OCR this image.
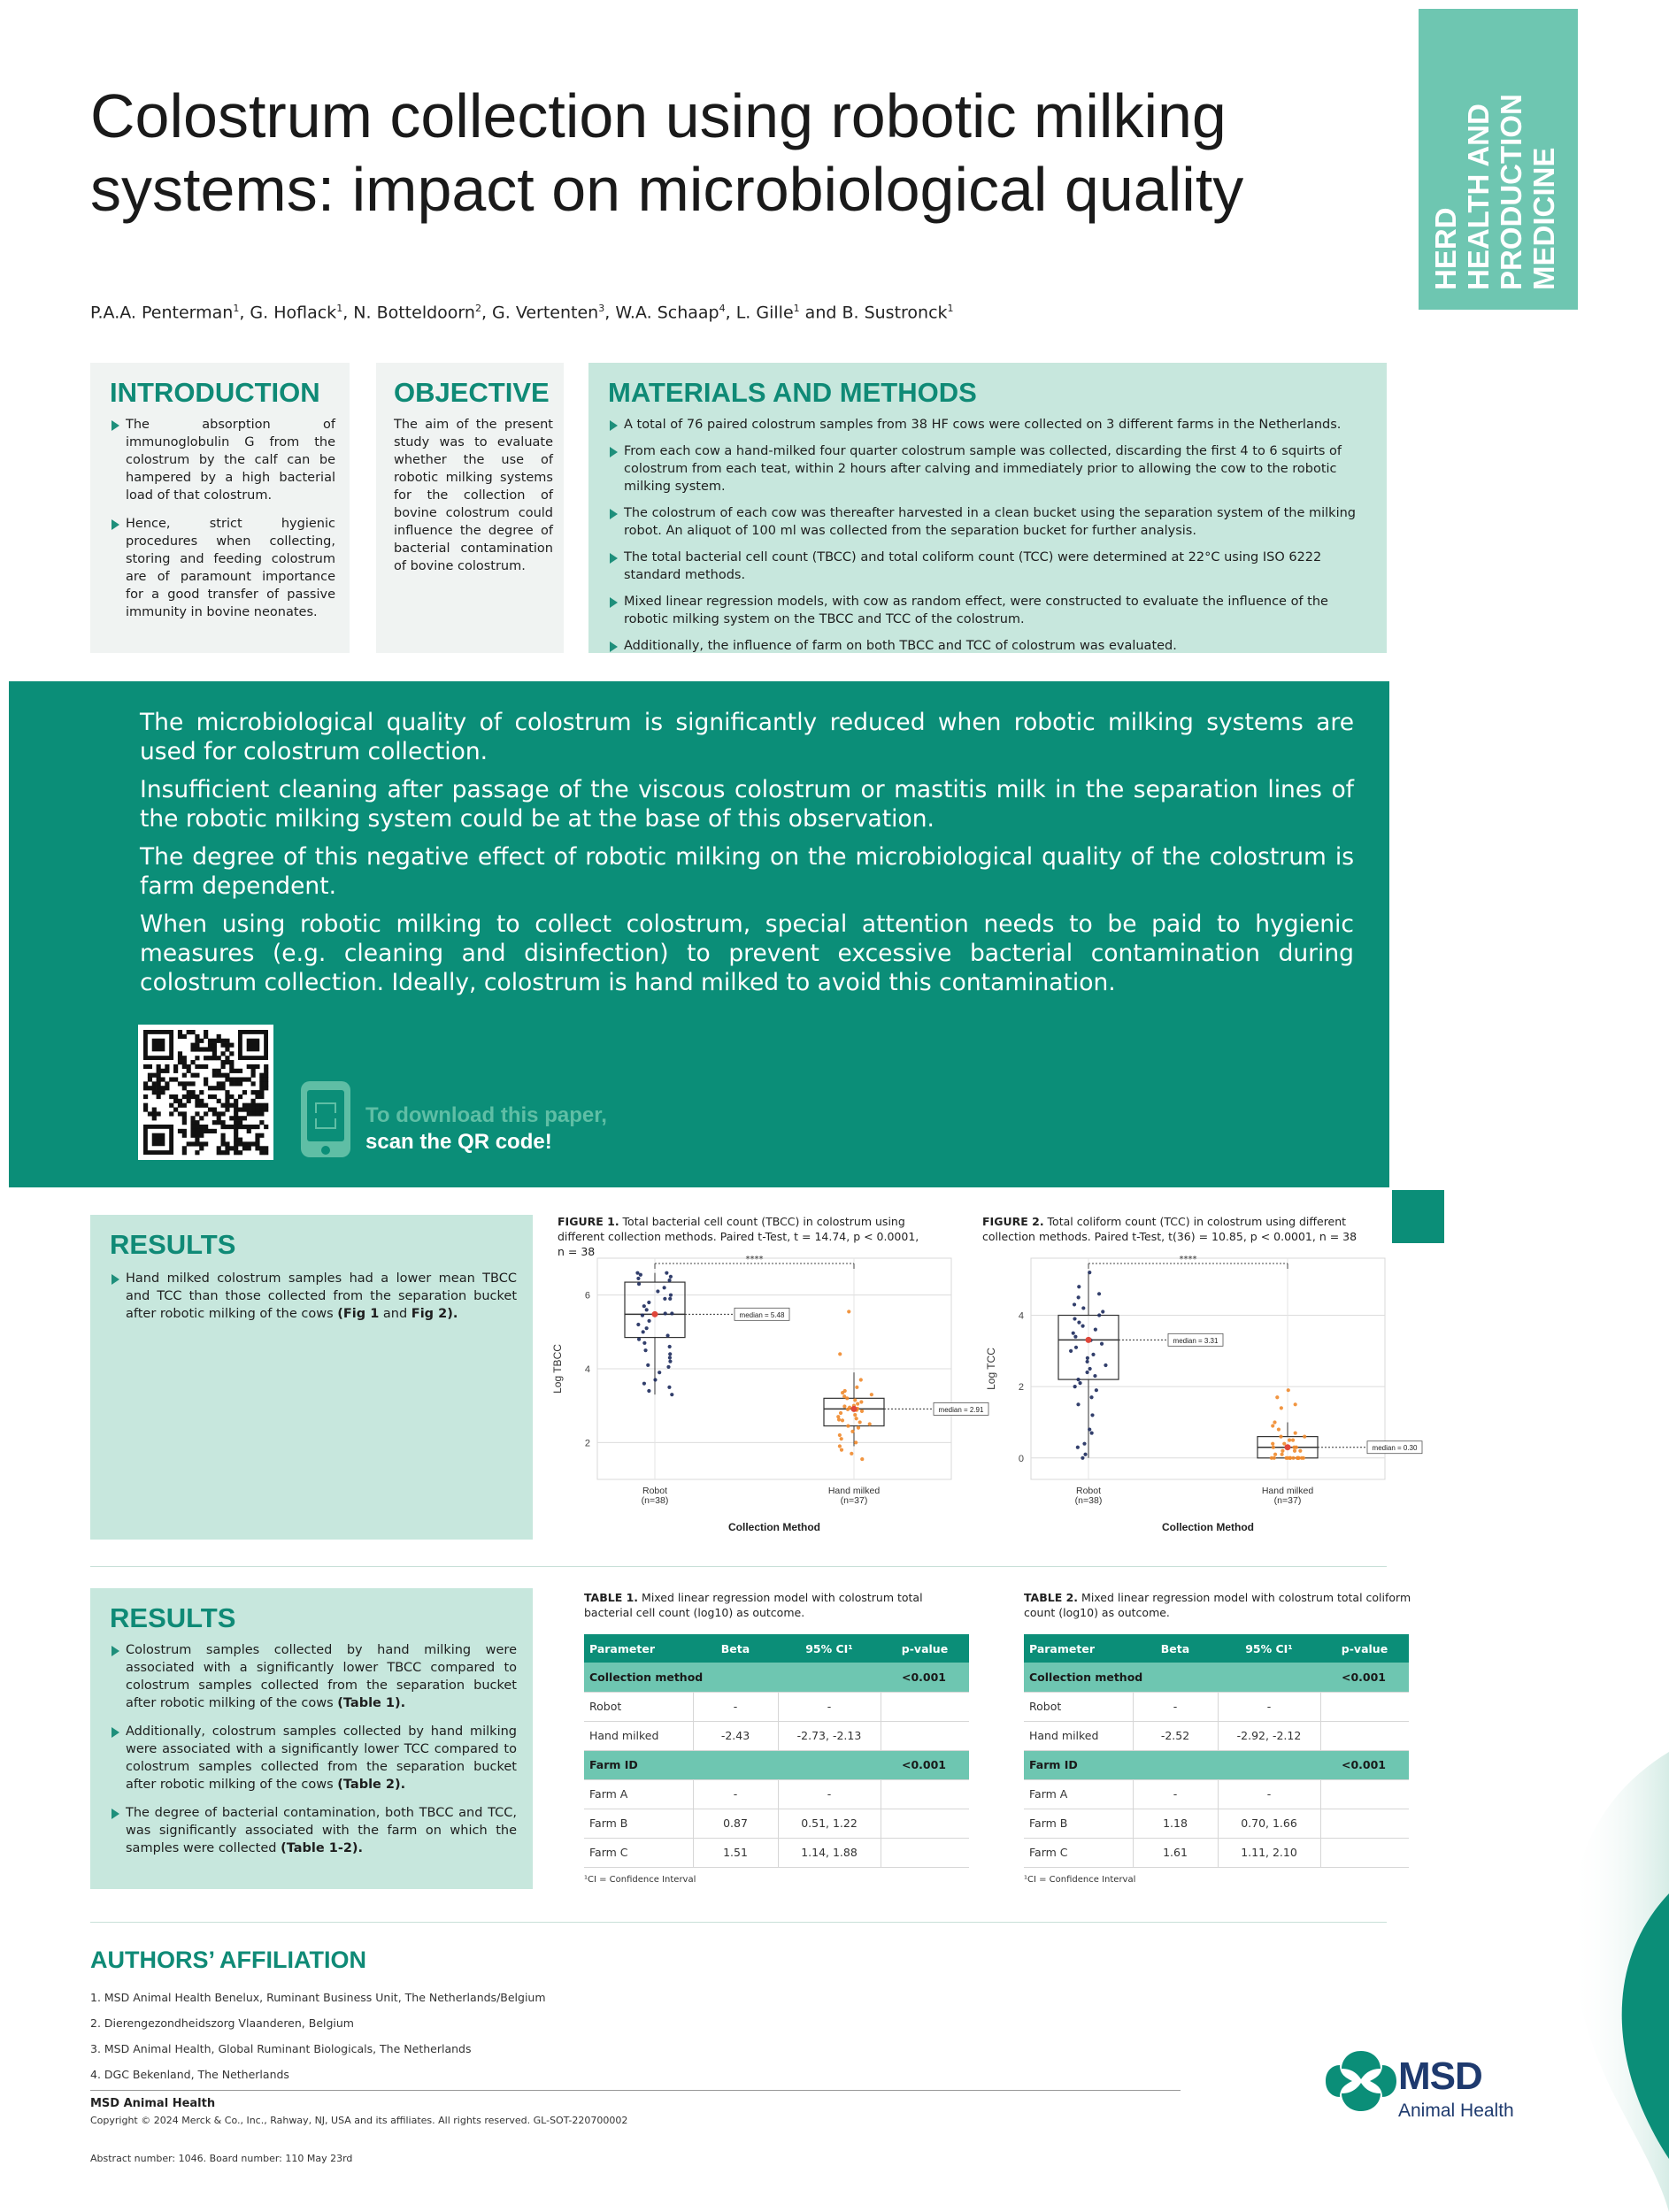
Colostrum collection using robotic milking
systems: impact on microbiological quality
P.A.A. Penterman$^1$, G. Hoflack$^1$, N. Botteldoorn$^2$, G. Vertenten$^3$, W.A. Schaap$^4$, L. Gille$^1$ and B. Sustronck$^1$
HERD HEALTH AND PRODUCTION MEDICINE
INTRODUCTION
The absorption of immunoglobulin G from the colostrum by the calf can be hampered by a high bacterial load of that colostrum.
Hence, strict hygienic procedures when collecting, storing and feeding colostrum are of paramount importance for a good transfer of passive immunity in bovine neonates.
OBJECTIVE
The aim of the present study was to evaluate whether the use of robotic milking systems for the collection of bovine colostrum could influence the degree of bacterial contamination of bovine colostrum.
MATERIALS AND METHODS
A total of 76 paired colostrum samples from 38 HF cows were collected on 3 different farms in the Netherlands.
From each cow a hand-milked four quarter colostrum sample was collected, discarding the first 4 to 6 squirts of colostrum from each teat, within 2 hours after calving and immediately prior to allowing the cow to the robotic milking system.
The colostrum of each cow was thereafter harvested in a clean bucket using the separation system of the milking robot. An aliquot of 100 ml was collected from the separation bucket for further analysis.
The total bacterial cell count (TBCC) and total coliform count (TCC) were determined at 22°C using ISO 6222 standard methods.
Mixed linear regression models, with cow as random effect, were constructed to evaluate the influence of the robotic milking system on the TBCC and TCC of the colostrum.
Additionally, the influence of farm on both TBCC and TCC of colostrum was evaluated.

The microbiological quality of colostrum is significantly reduced when robotic milking systems are used for colostrum collection.

Insufficient cleaning after passage of the viscous colostrum or mastitis milk in the separation lines of the robotic milking system could be at the base of this observation.

The degree of this negative effect of robotic milking on the microbiological quality of the colostrum is farm dependent.

When using robotic milking to collect colostrum, special attention needs to be paid to hygienic measures (e.g. cleaning and disinfection) to prevent excessive bacterial contamination during colostrum collection. Ideally, colostrum is hand milked to avoid this contamination.

To download this paper,
scan the QR code!
RESULTS
Hand milked colostrum samples had a lower mean TBCC and TCC than those collected from the separation bucket after robotic milking of the cows (Fig 1 and Fig 2).
FIGURE 1. Total bacterial cell count (TBCC) in colostrum using different collection methods. Paired t-Test, t = 14.74, p < 0.0001, n = 38
2
4
6
Log TBCC
Collection Method
Robot
(n=38)
Hand milked
(n=37)
****
median = 5.48
median = 2.91
FIGURE 2. Total coliform count (TCC) in colostrum using different collection methods. Paired t-Test, t(36) = 10.85, p < 0.0001, n = 38
0
2
4
Log TCC
Collection Method
Robot
(n=38)
Hand milked
(n=37)
****
median = 3.31
median = 0.30
RESULTS
Colostrum samples collected by hand milking were associated with a significantly lower TBCC compared to colostrum samples collected from the separation bucket after robotic milking of the cows (Table 1).
Additionally, colostrum samples collected by hand milking were associated with a significantly lower TCC compared to colostrum samples collected from the separation bucket after robotic milking of the cows (Table 2).
The degree of bacterial contamination, both TBCC and TCC, was significantly associated with the farm on which the samples were collected (Table 1-2).
TABLE 1. Mixed linear regression model with colostrum total bacterial cell count (log10) as outcome.
Parameter	Beta	95% CI¹	p-value
Collection method			<0.001
Robot	-	-	
Hand milked	-2.43	-2.73, -2.13	
Farm ID			<0.001
Farm A	-	-	
Farm B	0.87	0.51, 1.22	
Farm C	1.51	1.14, 1.88	
¹CI = Confidence Interval
TABLE 2. Mixed linear regression model with colostrum total coliform count (log10) as outcome.
Parameter	Beta	95% CI¹	p-value
Collection method			<0.001
Robot	-	-	
Hand milked	-2.52	-2.92, -2.12	
Farm ID			<0.001
Farm A	-	-	
Farm B	1.18	0.70, 1.66	
Farm C	1.61	1.11, 2.10	
¹CI = Confidence Interval
AUTHORS’ AFFILIATION
1. MSD Animal Health Benelux, Ruminant Business Unit, The Netherlands/Belgium
2. Dierengezondheidszorg Vlaanderen, Belgium
3. MSD Animal Health, Global Ruminant Biologicals, The Netherlands
4. DGC Bekenland, The Netherlands	MSD
Animal Health
MSD Animal Health
Copyright © 2024 Merck & Co., Inc., Rahway, NJ, USA and its affiliates. All rights reserved. GL-SOT-220700002
Abstract number: 1046. Board number: 110 May 23rd
